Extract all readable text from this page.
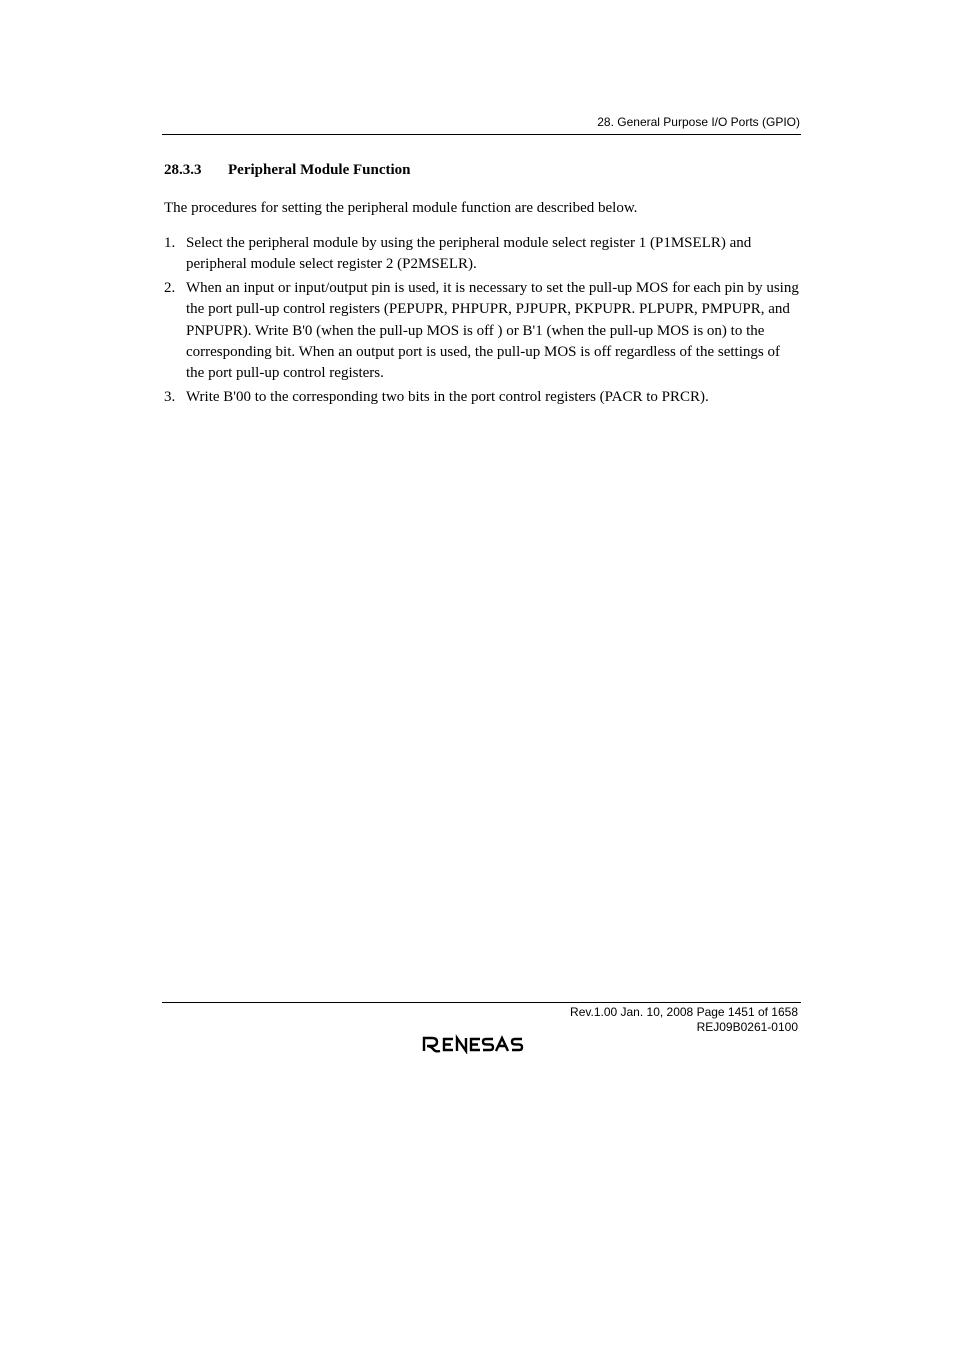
28. General Purpose I/O Ports (GPIO)
28.3.3 Peripheral Module Function

The procedures for setting the peripheral module function are described below.

1. Select the peripheral module by using the peripheral module select register 1 (P1MSELR) and peripheral module select register 2 (P2MSELR).
2. When an input or input/output pin is used, it is necessary to set the pull-up MOS for each pin by using the port pull-up control registers (PEPUPR, PHPUPR, PJPUPR, PKPUPR. PLPUPR, PMPUPR, and PNPUPR). Write B'0 (when the pull-up MOS is off ) or B'1 (when the pull-up MOS is on) to the corresponding bit. When an output port is used, the pull-up MOS is off regardless of the settings of the port pull-up control registers.
3. Write B'00 to the corresponding two bits in the port control registers (PACR to PRCR).
Rev.1.00 Jan. 10, 2008 Page 1451 of 1658
REJ09B0261-0100
